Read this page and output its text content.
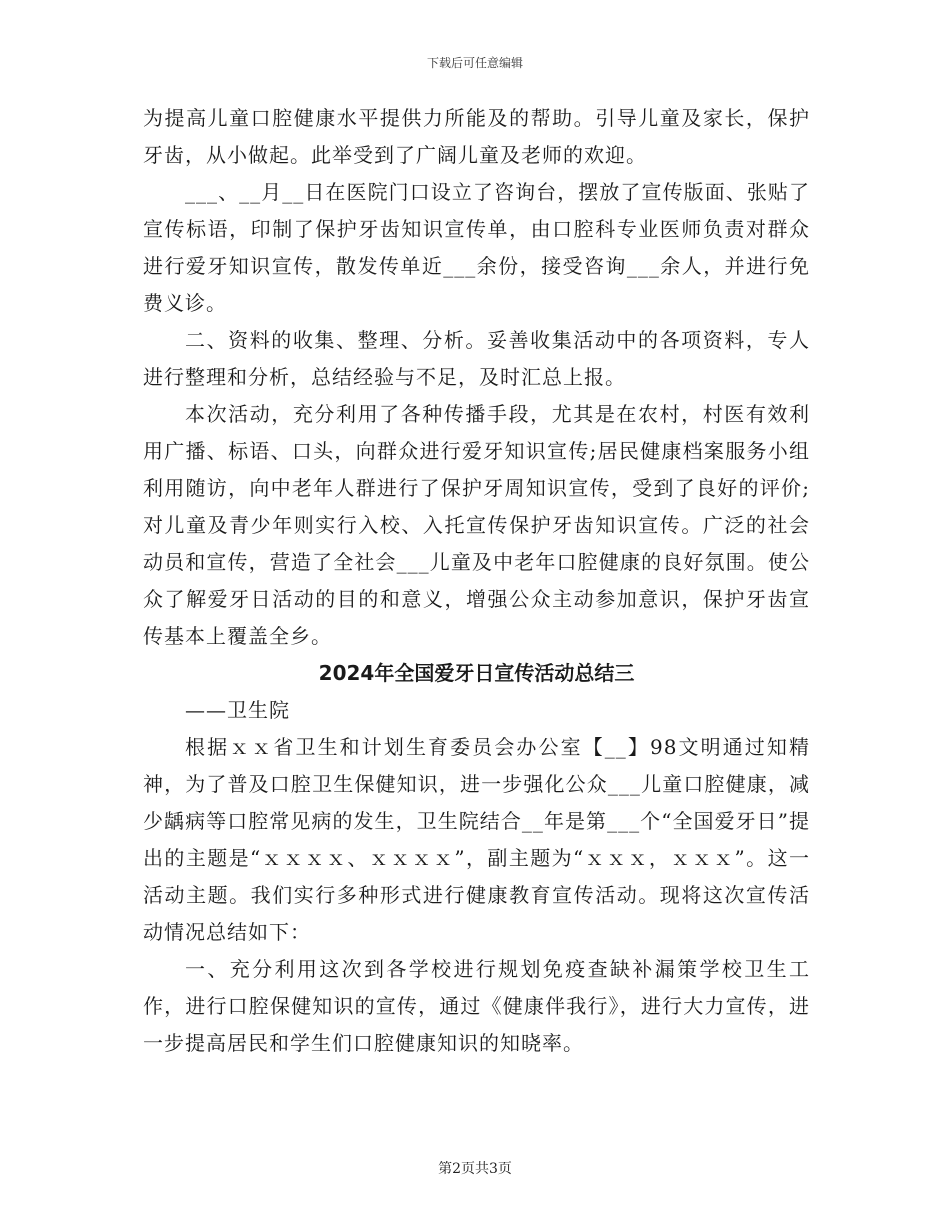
下载后可任意编辑

为提高儿童口腔健康水平提供力所能及的帮助。引导儿童及家长，保护牙齿，从小做起。此举受到了广阔儿童及老师的欢迎。

___、__月__日在医院门口设立了咨询台，摆放了宣传版面、张贴了宣传标语，印制了保护牙齿知识宣传单，由口腔科专业医师负责对群众进行爱牙知识宣传，散发传单近___余份，接受咨询___余人，并进行免费义诊。

二、资料的收集、整理、分析。妥善收集活动中的各项资料，专人进行整理和分析，总结经验与不足，及时汇总上报。

本次活动，充分利用了各种传播手段，尤其是在农村，村医有效利用广播、标语、口头，向群众进行爱牙知识宣传;居民健康档案服务小组利用随访，向中老年人群进行了保护牙周知识宣传，受到了良好的评价;对儿童及青少年则实行入校、入托宣传保护牙齿知识宣传。广泛的社会动员和宣传，营造了全社会___儿童及中老年口腔健康的良好氛围。使公众了解爱牙日活动的目的和意义，增强公众主动参加意识，保护牙齿宣传基本上覆盖全乡。

2024年全国爱牙日宣传活动总结三

——卫生院

根据ｘｘ省卫生和计划生育委员会办公室【__】98文明通过知精神，为了普及口腔卫生保健知识，进一步强化公众___儿童口腔健康，减少龋病等口腔常见病的发生，卫生院结合__年是第___个“全国爱牙日”提出的主题是“ｘｘｘｘ、ｘｘｘｘ”，副主题为“ｘｘｘ，ｘｘｘ”。这一活动主题。我们实行多种形式进行健康教育宣传活动。现将这次宣传活动情况总结如下：

一、充分利用这次到各学校进行规划免疫查缺补漏策学校卫生工作，进行口腔保健知识的宣传，通过《健康伴我行》，进行大力宣传，进一步提高居民和学生们口腔健康知识的知晓率。

第2页共3页
